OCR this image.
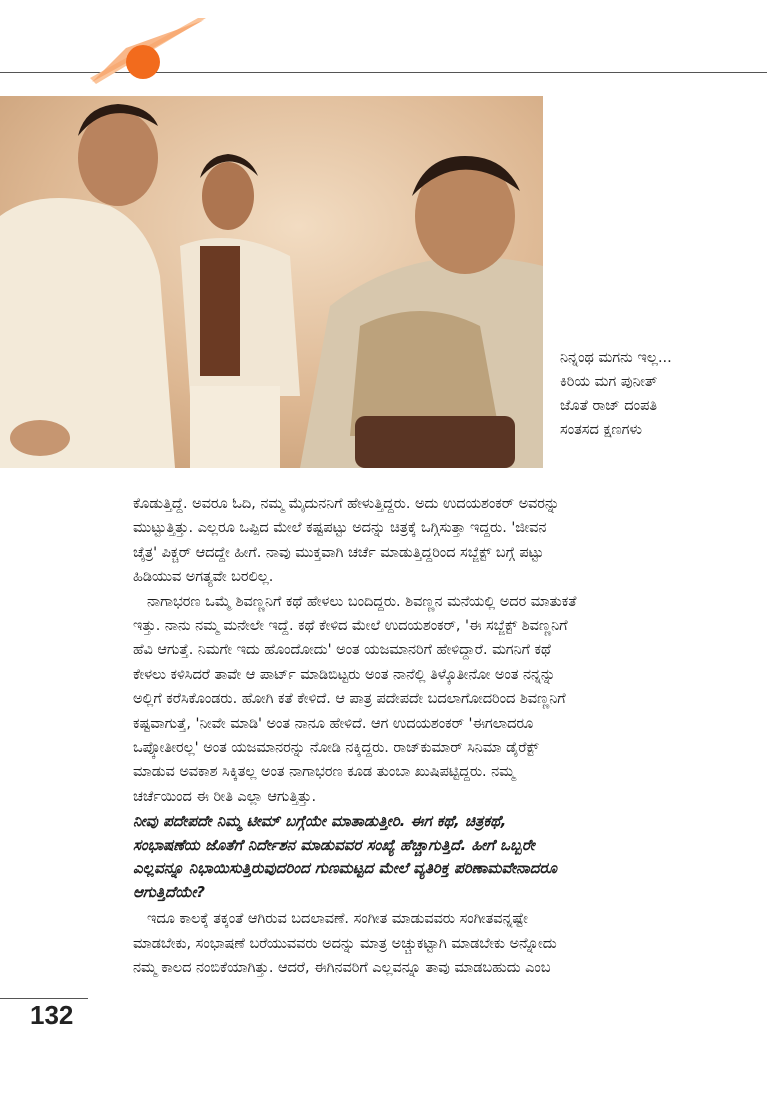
ನಿನ್ನಂಥ ಮಗನು ಇಲ್ಲ...
ಕಿರಿಯ ಮಗ ಪುನೀತ್
ಜೊತೆ ರಾಜ್ ದಂಪತಿ
ಸಂತಸದ ಕ್ಷಣಗಳು
ಕೊಡುತ್ತಿದ್ದೆ. ಅವರೂ ಓದಿ, ನಮ್ಮ ಮೈದುನನಿಗೆ ಹೇಳುತ್ತಿದ್ದರು. ಅದು ಉದಯಶಂಕರ್ ಅವರನ್ನು
ಮುಟ್ಟುತ್ತಿತ್ತು. ಎಲ್ಲರೂ ಒಪ್ಪಿದ ಮೇಲೆ ಕಷ್ಟಪಟ್ಟು ಅದನ್ನು ಚಿತ್ರಕ್ಕೆ ಒಗ್ಗಿಸುತ್ತಾ ಇದ್ದರು. 'ಜೀವನ
ಚೈತ್ರ' ಪಿಕ್ಚರ್ ಆದದ್ದೇ ಹೀಗೆ. ನಾವು ಮುಕ್ತವಾಗಿ ಚರ್ಚೆ ಮಾಡುತ್ತಿದ್ದರಿಂದ ಸಬ್ಜೆಕ್ಟ್ ಬಗ್ಗೆ ಪಟ್ಟು
ಹಿಡಿಯುವ ಅಗತ್ಯವೇ ಬರಲಿಲ್ಲ.
ನಾಗಾಭರಣ ಒಮ್ಮೆ ಶಿವಣ್ಣನಿಗೆ ಕಥೆ ಹೇಳಲು ಬಂದಿದ್ದರು. ಶಿವಣ್ಣನ ಮನೆಯಲ್ಲಿ ಅದರ ಮಾತುಕತೆ
ಇತ್ತು. ನಾನು ನಮ್ಮ ಮನೇಲೇ ಇದ್ದೆ. ಕಥೆ ಕೇಳಿದ ಮೇಲೆ ಉದಯಶಂಕರ್, 'ಈ ಸಬ್ಜೆಕ್ಟ್ ಶಿವಣ್ಣನಿಗೆ
ಹೆವಿ ಆಗುತ್ತೆ. ನಿಮಗೇ ಇದು ಹೊಂದೋದು' ಅಂತ ಯಜಮಾನರಿಗೆ ಹೇಳಿದ್ದಾರೆ. ಮಗನಿಗೆ ಕಥೆ
ಕೇಳಲು ಕಳಿಸಿದರೆ ತಾವೇ ಆ ಪಾರ್ಟ್ ಮಾಡಿಬಿಟ್ಟರು ಅಂತ ನಾನೆಲ್ಲಿ ತಿಳ್ಕೊತೀನೋ ಅಂತ ನನ್ನನ್ನು
ಅಲ್ಲಿಗೆ ಕರೆಸಿಕೊಂಡರು. ಹೋಗಿ ಕತೆ ಕೇಳಿದೆ. ಆ ಪಾತ್ರ ಪದೇಪದೇ ಬದಲಾಗೋದರಿಂದ ಶಿವಣ್ಣನಿಗೆ
ಕಷ್ಟವಾಗುತ್ತೆ, 'ನೀವೇ ಮಾಡಿ' ಅಂತ ನಾನೂ ಹೇಳಿದೆ. ಆಗ ಉದಯಶಂಕರ್ 'ಈಗಲಾದರೂ
ಒಪ್ಕೋತೀರಲ್ಲ' ಅಂತ ಯಜಮಾನರನ್ನು ನೋಡಿ ನಕ್ಕಿದ್ದರು. ರಾಜ್‌ಕುಮಾರ್ ಸಿನಿಮಾ ಡೈರೆಕ್ಟ್
ಮಾಡುವ ಅವಕಾಶ ಸಿಕ್ಕಿತಲ್ಲ ಅಂತ ನಾಗಾಭರಣ ಕೂಡ ತುಂಬಾ ಖುಷಿಪಟ್ಟಿದ್ದರು. ನಮ್ಮ
ಚರ್ಚೆಯಿಂದ ಈ ರೀತಿ ಎಲ್ಲಾ ಆಗುತ್ತಿತ್ತು.
ನೀವು ಪದೇಪದೇ ನಿಮ್ಮ ಟೀಮ್ ಬಗ್ಗೆಯೇ ಮಾತಾಡುತ್ತೀರಿ. ಈಗ ಕಥೆ, ಚಿತ್ರಕಥೆ,
ಸಂಭಾಷಣೆಯ ಜೊತೆಗೆ ನಿರ್ದೇಶನ ಮಾಡುವವರ ಸಂಖ್ಯೆ ಹೆಚ್ಚಾಗುತ್ತಿದೆ. ಹೀಗೆ ಒಬ್ಬರೇ
ಎಲ್ಲವನ್ನೂ ನಿಭಾಯಿಸುತ್ತಿರುವುದರಿಂದ ಗುಣಮಟ್ಟದ ಮೇಲೆ ವ್ಯತಿರಿಕ್ತ ಪರಿಣಾಮವೇನಾದರೂ
ಆಗುತ್ತಿದೆಯೇ?
ಇದೂ ಕಾಲಕ್ಕೆ ತಕ್ಕಂತೆ ಆಗಿರುವ ಬದಲಾವಣೆ. ಸಂಗೀತ ಮಾಡುವವರು ಸಂಗೀತವನ್ನಷ್ಟೇ
ಮಾಡಬೇಕು, ಸಂಭಾಷಣೆ ಬರೆಯುವವರು ಅದನ್ನು ಮಾತ್ರ ಅಚ್ಚುಕಟ್ಟಾಗಿ ಮಾಡಬೇಕು ಅನ್ನೋದು
ನಮ್ಮ ಕಾಲದ ನಂಬಿಕೆಯಾಗಿತ್ತು. ಆದರೆ, ಈಗಿನವರಿಗೆ ಎಲ್ಲವನ್ನೂ ತಾವು ಮಾಡಬಹುದು ಎಂಬ
132
